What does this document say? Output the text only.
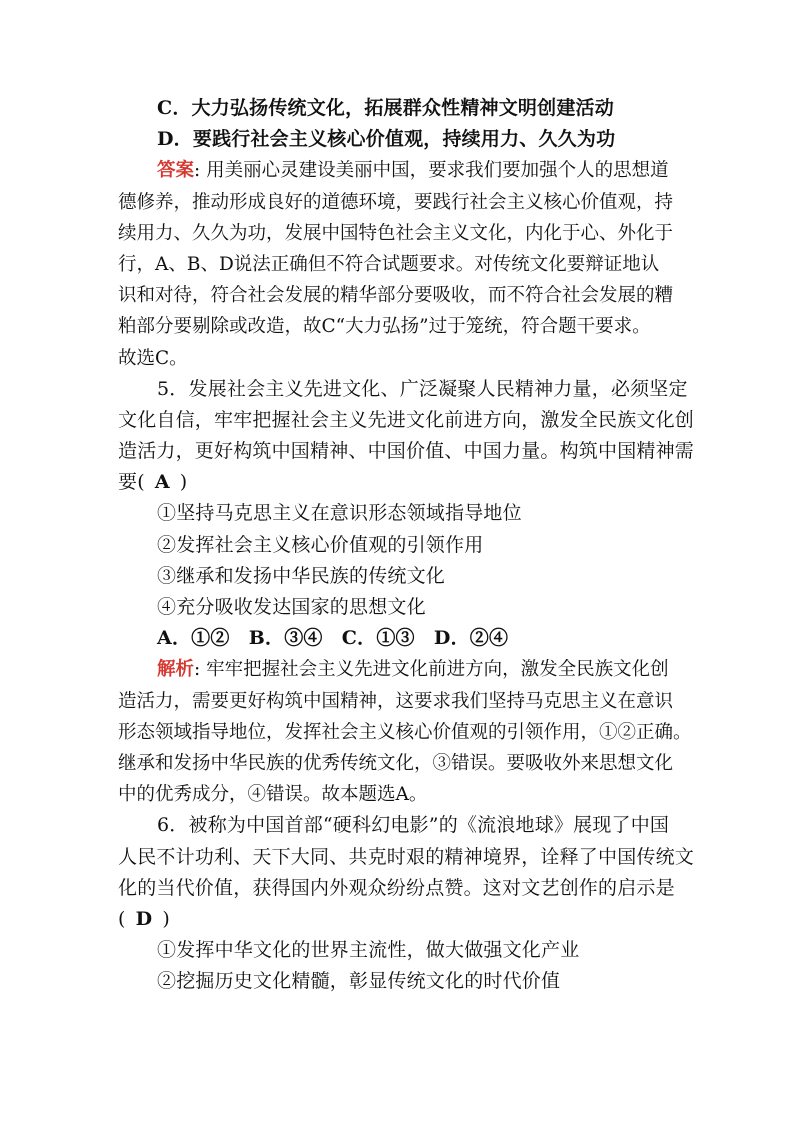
C．大力弘扬传统文化，拓展群众性精神文明创建活动
D．要践行社会主义核心价值观，持续用力、久久为功
答案: 用美丽心灵建设美丽中国，要求我们要加强个人的思想道
德修养，推动形成良好的道德环境，要践行社会主义核心价值观，持
续用力、久久为功，发展中国特色社会主义文化，内化于心、外化于
行，A、B、D说法正确但不符合试题要求。对传统文化要辩证地认
识和对待，符合社会发展的精华部分要吸收，而不符合社会发展的糟
粕部分要剔除或改造，故C“大力弘扬”过于笼统，符合题干要求。
故选C。
5．发展社会主义先进文化、广泛凝聚人民精神力量，必须坚定
文化自信，牢牢把握社会主义先进文化前进方向，激发全民族文化创
造活力，更好构筑中国精神、中国价值、中国力量。构筑中国精神需
要( A )
①坚持马克思主义在意识形态领域指导地位
②发挥社会主义核心价值观的引领作用
③继承和发扬中华民族的传统文化
④充分吸收发达国家的思想文化
A．①②　B．③④　C．①③　D．②④
解析: 牢牢把握社会主义先进文化前进方向，激发全民族文化创
造活力，需要更好构筑中国精神，这要求我们坚持马克思主义在意识
形态领域指导地位，发挥社会主义核心价值观的引领作用，①②正确。
继承和发扬中华民族的优秀传统文化，③错误。要吸收外来思想文化
中的优秀成分，④错误。故本题选A。
6．被称为中国首部“硬科幻电影”的《流浪地球》展现了中国
人民不计功利、天下大同、共克时艰的精神境界，诠释了中国传统文
化的当代价值，获得国内外观众纷纷点赞。这对文艺创作的启示是
( D )
①发挥中华文化的世界主流性，做大做强文化产业
②挖掘历史文化精髓，彰显传统文化的时代价值
